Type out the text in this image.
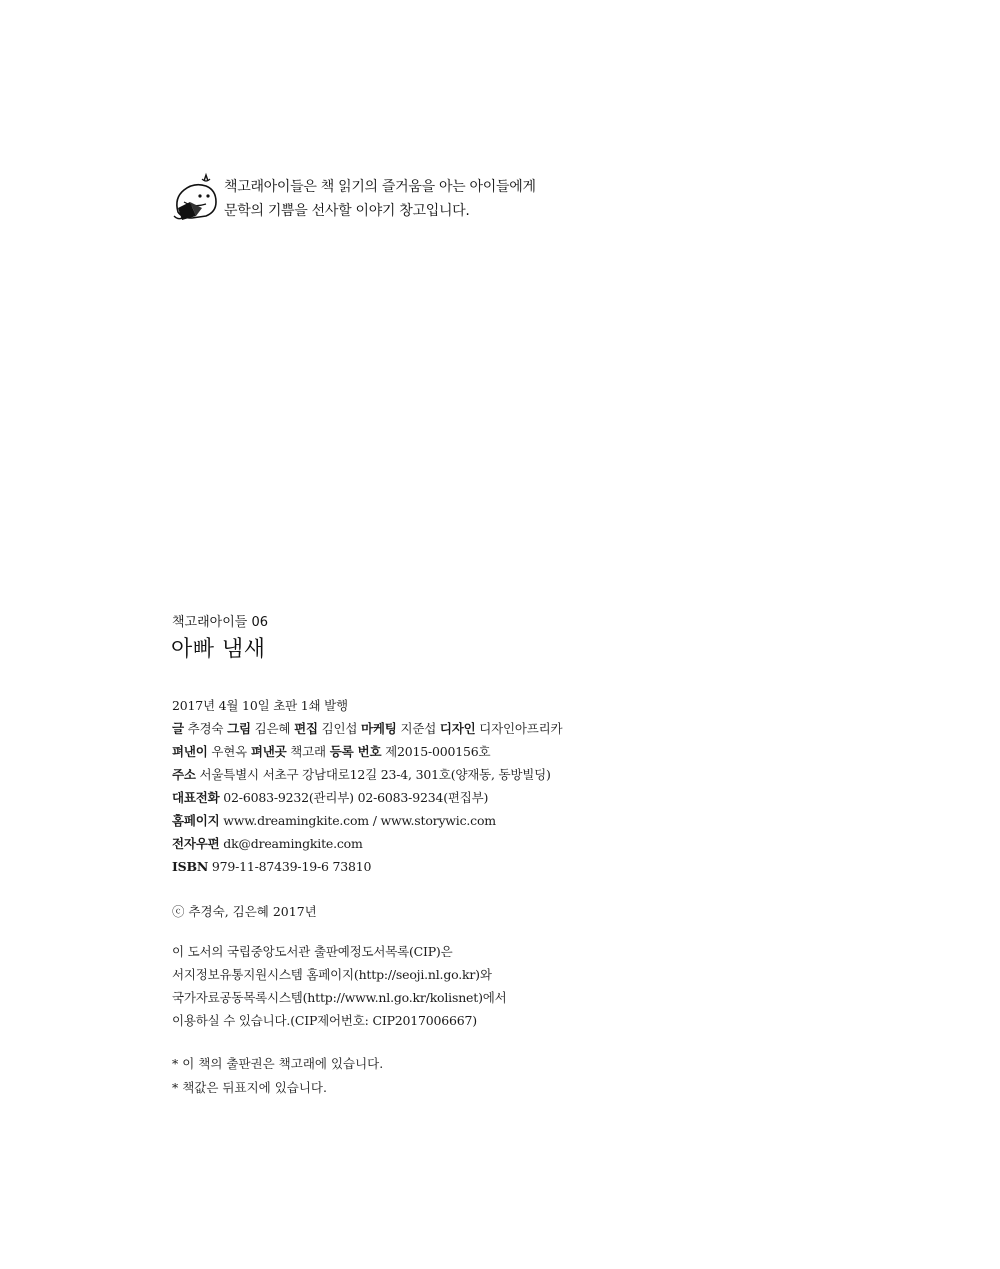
책고래아이들은 책 읽기의 즐거움을 아는 아이들에게
문학의 기쁨을 선사할 이야기 창고입니다.
책고래아이들 06
아빠 냄새
2017년 4월 10일 초판 1쇄 발행
글 추경숙 그림 김은혜 편집 김인섭 마케팅 지준섭 디자인 디자인아프리카
펴낸이 우현옥 펴낸곳 책고래 등록 번호 제2015-000156호
주소 서울특별시 서초구 강남대로12길 23-4, 301호(양재동, 동방빌딩)
대표전화 02-6083-9232(관리부) 02-6083-9234(편집부)
홈페이지 www.dreamingkite.com / www.storywic.com
전자우편 dk@dreamingkite.com
ISBN 979-11-87439-19-6 73810
ⓒ 추경숙, 김은혜 2017년
이 도서의 국립중앙도서관 출판예정도서목록(CIP)은
서지정보유통지원시스템 홈페이지(http://seoji.nl.go.kr)와
국가자료공동목록시스템(http://www.nl.go.kr/kolisnet)에서
이용하실 수 있습니다.(CIP제어번호: CIP2017006667)
* 이 책의 출판권은 책고래에 있습니다.
* 책값은 뒤표지에 있습니다.
